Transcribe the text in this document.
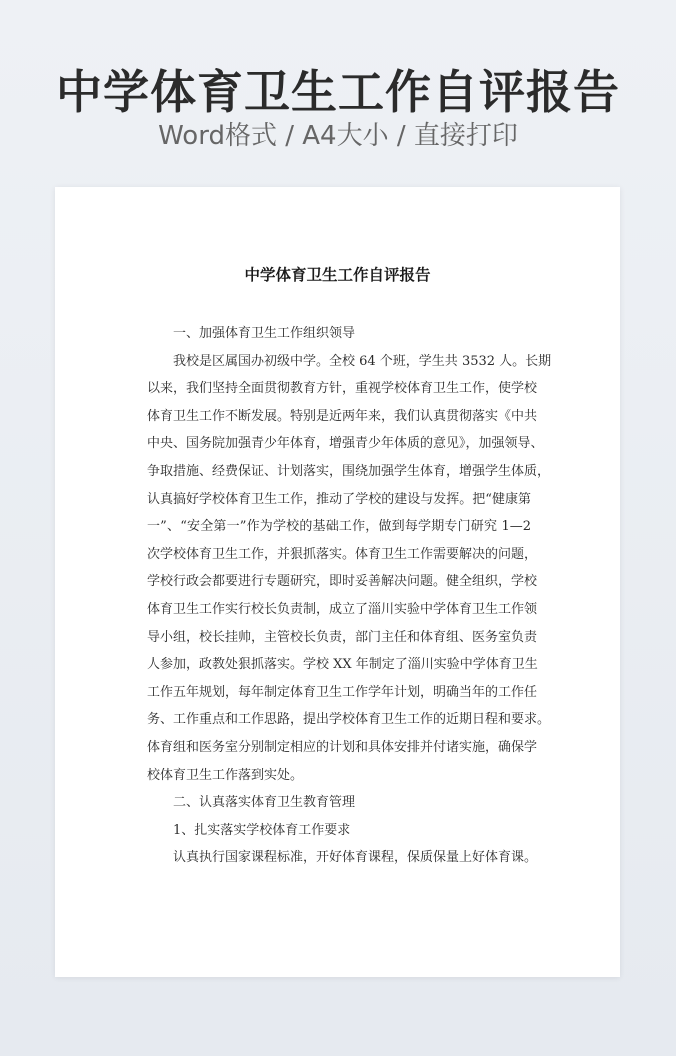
中学体育卫生工作自评报告
Word格式 / A4大小 / 直接打印
中学体育卫生工作自评报告
一、加强体育卫生工作组织领导
我校是区属国办初级中学。全校 64 个班，学生共 3532 人。长期
以来，我们坚持全面贯彻教育方针，重视学校体育卫生工作，使学校
体育卫生工作不断发展。特别是近两年来，我们认真贯彻落实《中共
中央、国务院加强青少年体育，增强青少年体质的意见》，加强领导、
争取措施、经费保证、计划落实，围绕加强学生体育，增强学生体质，
认真搞好学校体育卫生工作，推动了学校的建设与发挥。把“健康第
一”、“安全第一”作为学校的基础工作，做到每学期专门研究 1—2
次学校体育卫生工作，并狠抓落实。体育卫生工作需要解决的问题，
学校行政会都要进行专题研究，即时妥善解决问题。健全组织，学校
体育卫生工作实行校长负责制，成立了淄川实验中学体育卫生工作领
导小组，校长挂帅，主管校长负责，部门主任和体育组、医务室负责
人参加，政教处狠抓落实。学校 XX 年制定了淄川实验中学体育卫生
工作五年规划，每年制定体育卫生工作学年计划，明确当年的工作任
务、工作重点和工作思路，提出学校体育卫生工作的近期日程和要求。
体育组和医务室分别制定相应的计划和具体安排并付诸实施，确保学
校体育卫生工作落到实处。
二、认真落实体育卫生教育管理
1、扎实落实学校体育工作要求
认真执行国家课程标准，开好体育课程，保质保量上好体育课。
